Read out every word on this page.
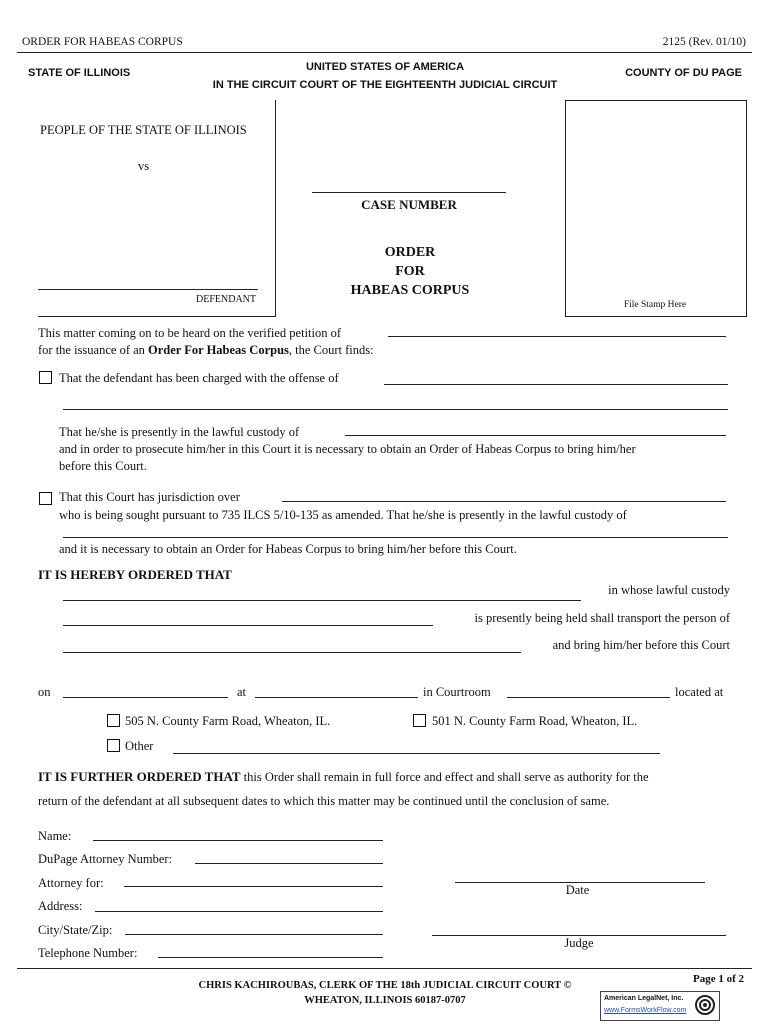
ORDER FOR HABEAS CORPUS	2125 (Rev. 01/10)
STATE OF ILLINOIS	UNITED STATES OF AMERICA
IN THE CIRCUIT COURT OF THE EIGHTEENTH JUDICIAL CIRCUIT
COUNTY OF DU PAGE
PEOPLE OF THE STATE OF ILLINOIS
vs
DEFENDANT
CASE NUMBER
ORDER
FOR
HABEAS CORPUS
File Stamp Here
This matter coming on to be heard on the verified petition of
for the issuance of an Order For Habeas Corpus, the Court finds:
That the defendant has been charged with the offense of
That he/she is presently in the lawful custody of
and in order to prosecute him/her in this Court it is necessary to obtain an Order of Habeas Corpus to bring him/her
before this Court.
That this Court has jurisdiction over
who is being sought pursuant to 735 ILCS 5/10-135 as amended. That he/she is presently in the lawful custody of
and it is necessary to obtain an Order for Habeas Corpus to bring him/her before this Court.
IT IS HEREBY ORDERED THAT
in whose lawful custody
is presently being held shall transport the person of
and bring him/her before this Court
on	at	in Courtroom	located at
505 N. County Farm Road, Wheaton, IL.	501 N. County Farm Road, Wheaton, IL.
Other
IT IS FURTHER ORDERED THAT this Order shall remain in full force and effect and shall serve as authority for the
return of the defendant at all subsequent dates to which this matter may be continued until the conclusion of same.
Name:
DuPage Attorney Number:
Attorney for:
Address:
City/State/Zip:
Telephone Number:
Date
Judge
CHRIS KACHIROUBAS, CLERK OF THE 18th JUDICIAL CIRCUIT COURT ©
WHEATON, ILLINOIS 60187-0707
Page 1 of 2
American LegalNet, Inc.
www.FormsWorkFlow.com
